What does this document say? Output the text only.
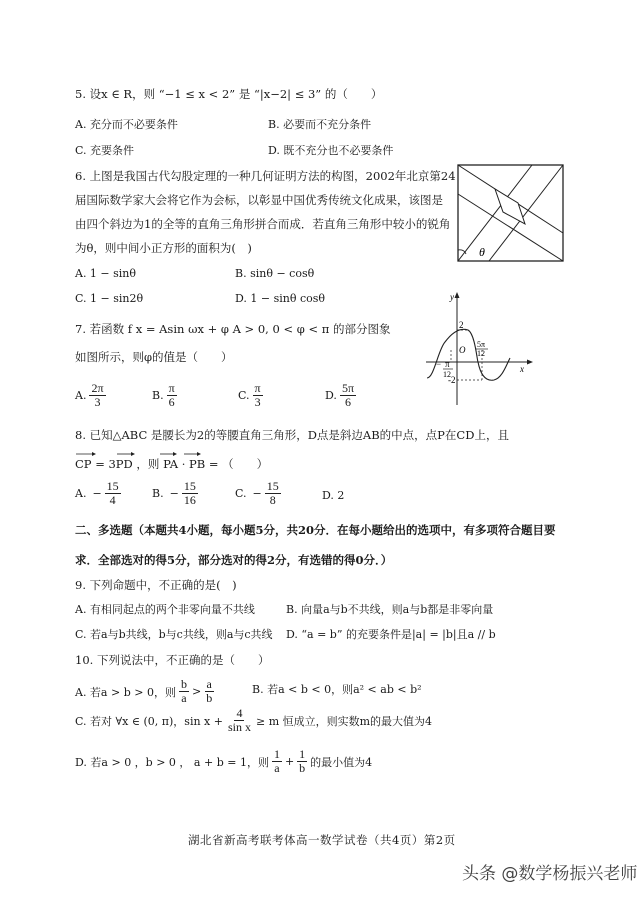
5. 设x ∈ R，则 “−1 ≤ x < 2” 是 “|x−2| ≤ 3” 的（　　）
A. 充分而不必要条件	B. 必要而不充分条件
C. 充要条件	D. 既不充分也不必要条件
6. 上图是我国古代勾股定理的一种几何证明方法的构图，2002年北京第24
届国际数学家大会将它作为会标，以彰显中国优秀传统文化成果，该图是
由四个斜边为1的全等的直角三角形拼合而成．若直角三角形中较小的锐角
为θ，则中间小正方形的面积为(　)
A. 1 − sinθ	B. sinθ − cosθ
C. 1 − sin2θ	D. 1 − sinθ cosθ
θ
7. 若函数 f x = Asin ωx + φ A > 0, 0 < φ < π 的部分图象
如图所示，则φ的值是（　　）
A. $\frac{2\pi}{3}$	B. $\frac{\pi}{6}$	C. $\frac{\pi}{3}$	D. $\frac{5\pi}{6}$
y
x
O
2
-2
− π
12
5π
12
8. 已知△ABC 是腰长为2的等腰直角三角形，D点是斜边AB的中点，点P在CD上，且
CP = 3PD ，则 PA · PB = （　　）
A. − $\frac{15}{4}$	B. − $\frac{15}{16}$	C. − $\frac{15}{8}$	D. 2
二、多选题（本题共4小题，每小题5分，共20分．在每小题给出的选项中，有多项符合题目要
求．全部选对的得5分，部分选对的得2分，有选错的得0分．）
9. 下列命题中，不正确的是(　)
A. 有相同起点的两个非零向量不共线	B. 向量a与b不共线，则a与b都是非零向量
C. 若a与b共线，b与c共线，则a与c共线 D. “a = b” 的充要条件是|a| = |b|且a // b
10. 下列说法中，不正确的是（　　）
A. 若a > b > 0，则 $\frac{b}{a} > \frac{a}{b}$	B. 若a < b < 0，则a² < ab < b²
C. 若对 ∀x ∈ (0, π)，$\sin x + \frac{4}{\text{sin x}} \ge m$ 恒成立，则实数m的最大值为4
D. 若a > 0 ，b > 0 ， a + b = 1，则 $\frac{1}{a} + \frac{1}{b}$ 的最小值为4
湖北省新高考联考体高一数学试卷（共4页）第2页
头条 @数学杨振兴老师
